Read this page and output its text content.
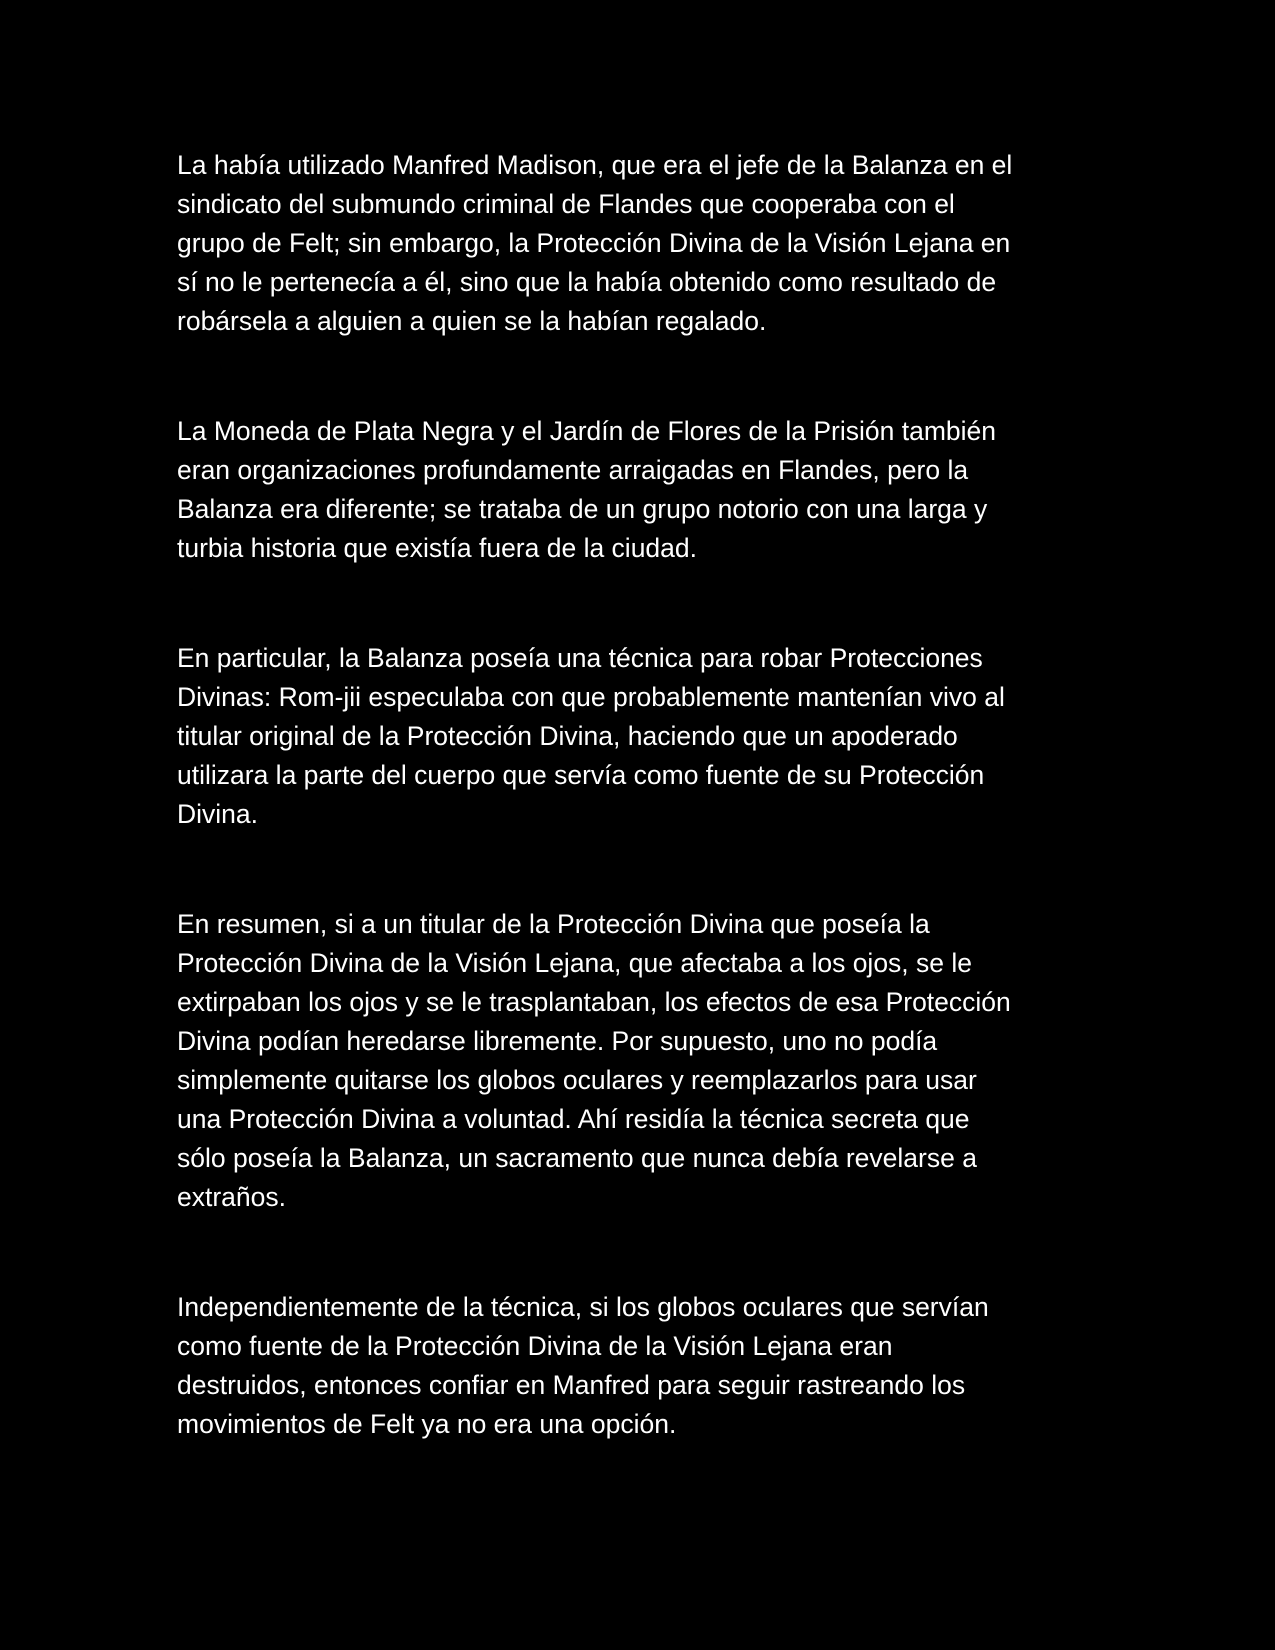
La había utilizado Manfred Madison, que era el jefe de la Balanza en el
sindicato del submundo criminal de Flandes que cooperaba con el
grupo de Felt; sin embargo, la Protección Divina de la Visión Lejana en
sí no le pertenecía a él, sino que la había obtenido como resultado de
robársela a alguien a quien se la habían regalado.

La Moneda de Plata Negra y el Jardín de Flores de la Prisión también
eran organizaciones profundamente arraigadas en Flandes, pero la
Balanza era diferente; se trataba de un grupo notorio con una larga y
turbia historia que existía fuera de la ciudad.

En particular, la Balanza poseía una técnica para robar Protecciones
Divinas: Rom-jii especulaba con que probablemente mantenían vivo al
titular original de la Protección Divina, haciendo que un apoderado
utilizara la parte del cuerpo que servía como fuente de su Protección
Divina.

En resumen, si a un titular de la Protección Divina que poseía la
Protección Divina de la Visión Lejana, que afectaba a los ojos, se le
extirpaban los ojos y se le trasplantaban, los efectos de esa Protección
Divina podían heredarse libremente. Por supuesto, uno no podía
simplemente quitarse los globos oculares y reemplazarlos para usar
una Protección Divina a voluntad. Ahí residía la técnica secreta que
sólo poseía la Balanza, un sacramento que nunca debía revelarse a
extraños.

Independientemente de la técnica, si los globos oculares que servían
como fuente de la Protección Divina de la Visión Lejana eran
destruidos, entonces confiar en Manfred para seguir rastreando los
movimientos de Felt ya no era una opción.
